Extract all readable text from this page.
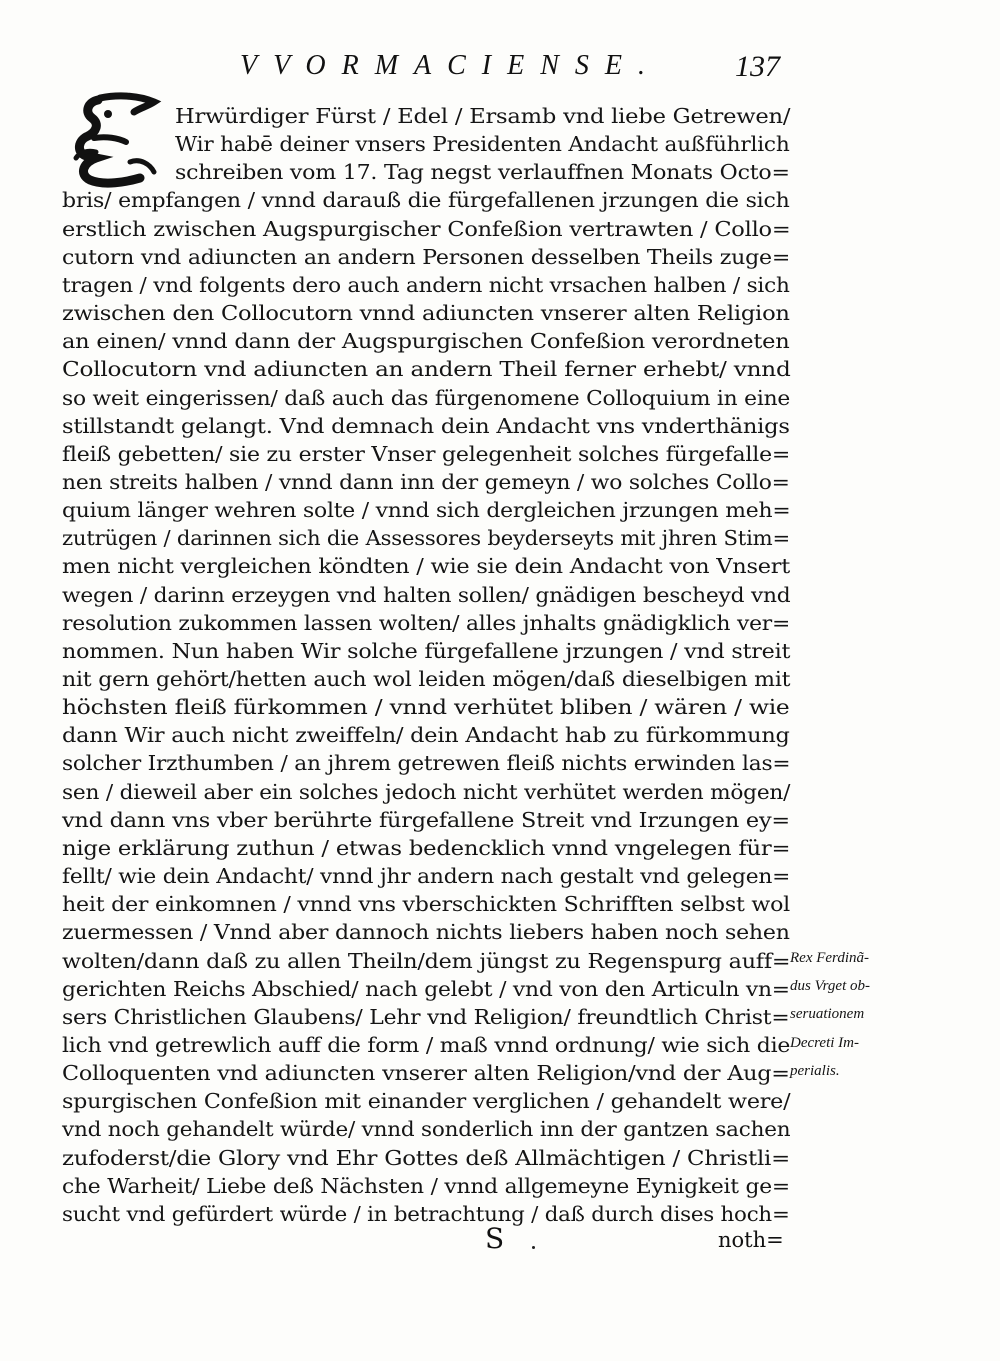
VVORMACIENSE. 137
Hrwürdiger Fürst / Edel / Ersamb vnd liebe Getrewen/
Wir habē deiner vnsers Presidenten Andacht außführlich
schreiben vom 17. Tag negst verlauffnen Monats Octo=
bris/ empfangen / vnnd darauß die fürgefallenen jrzungen die sich
erstlich zwischen Augspurgischer Confeßion vertrawten / Collo=
cutorn vnd adiuncten an andern Personen desselben Theils zuge=
tragen / vnd folgents dero auch andern nicht vrsachen halben / sich
zwischen den Collocutorn vnnd adiuncten vnserer alten Religion
an einen/ vnnd dann der Augspurgischen Confeßion verordneten
Collocutorn vnd adiuncten an andern Theil ferner erhebt/ vnnd
so weit eingerissen/ daß auch das fürgenomene Colloquium in eine
stillstandt gelangt. Vnd demnach dein Andacht vns vnderthänigs
fleiß gebetten/ sie zu erster Vnser gelegenheit solches fürgefalle=
nen streits halben / vnnd dann inn der gemeyn / wo solches Collo=
quium länger wehren solte / vnnd sich dergleichen jrzungen meh=
zutrügen / darinnen sich die Assessores beyderseyts mit jhren Stim=
men nicht vergleichen köndten / wie sie dein Andacht von Vnsert
wegen / darinn erzeygen vnd halten sollen/ gnädigen bescheyd vnd
resolution zukommen lassen wolten/ alles jnhalts gnädigklich ver=
nommen. Nun haben Wir solche fürgefallene jrzungen / vnd streit
nit gern gehört/hetten auch wol leiden mögen/daß dieselbigen mit
höchsten fleiß fürkommen / vnnd verhütet bliben / wären / wie
dann Wir auch nicht zweiffeln/ dein Andacht hab zu fürkommung
solcher Irzthumben / an jhrem getrewen fleiß nichts erwinden las=
sen / dieweil aber ein solches jedoch nicht verhütet werden mögen/
vnd dann vns vber berührte fürgefallene Streit vnd Irzungen ey=
nige erklärung zuthun / etwas bedencklich vnnd vngelegen für=
fellt/ wie dein Andacht/ vnnd jhr andern nach gestalt vnd gelegen=
heit der einkomnen / vnnd vns vberschickten Schrifften selbst wol
zuermessen / Vnnd aber dannoch nichts liebers haben noch sehen
wolten/dann daß zu allen Theiln/dem jüngst zu Regenspurg auff=
gerichten Reichs Abschied/ nach gelebt / vnd von den Articuln vn=
sers Christlichen Glaubens/ Lehr vnd Religion/ freundtlich Christ=
lich vnd getrewlich auff die form / maß vnnd ordnung/ wie sich die
Colloquenten vnd adiuncten vnserer alten Religion/vnd der Aug=
spurgischen Confeßion mit einander verglichen / gehandelt were/
vnd noch gehandelt würde/ vnnd sonderlich inn der gantzen sachen
zufoderst/die Glory vnd Ehr Gottes deß Allmächtigen / Christli=
che Warheit/ Liebe deß Nächsten / vnnd allgemeyne Eynigkeit ge=
sucht vnd gefürdert würde / in betrachtung / daß durch dises hoch=
Rex Ferdinã-
dus Vrget ob-
seruationem
Decreti Im-
perialis.
S	noth=
